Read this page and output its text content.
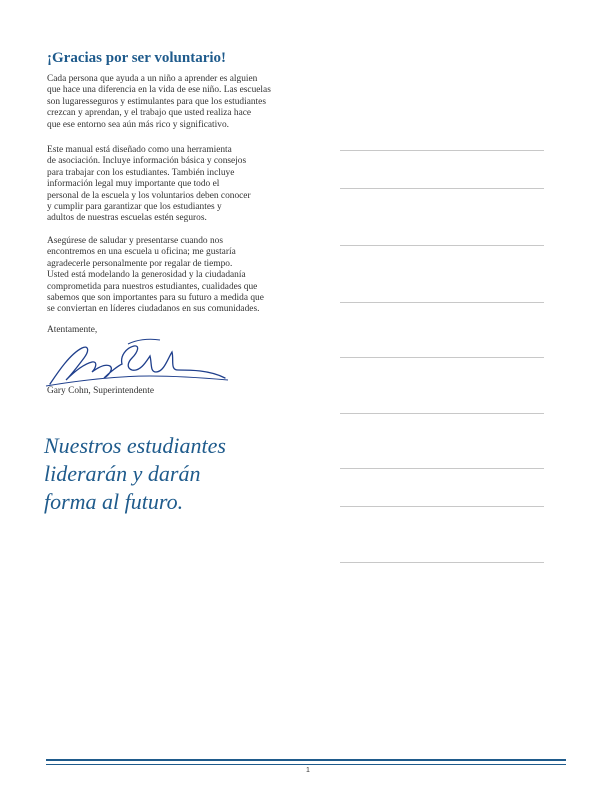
¡Gracias por ser voluntario!

Cada persona que ayuda a un niño a aprender es alguien
que hace una diferencia en la vida de ese niño. Las escuelas
son lugaresseguros y estimulantes para que los estudiantes
crezcan y aprendan, y el trabajo que usted realiza hace
que ese entorno sea aún más rico y significativo.

Este manual está diseñado como una herramienta
de asociación. Incluye información básica y consejos
para trabajar con los estudiantes. También incluye
información legal muy importante que todo el
personal de la escuela y los voluntarios deben conocer
y cumplir para garantizar que los estudiantes y
adultos de nuestras escuelas estén seguros.

Asegúrese de saludar y presentarse cuando nos
encontremos en una escuela u oficina; me gustaría
agradecerle personalmente por regalar de tiempo.
Usted está modelando la generosidad y la ciudadanía
comprometida para nuestros estudiantes, cualidades que
sabemos que son importantes para su futuro a medida que
se conviertan en líderes ciudadanos en sus comunidades.

Atentamente,
Gary Cohn, Superintendente

Nuestros estudiantes
liderarán y darán
forma al futuro.

1
